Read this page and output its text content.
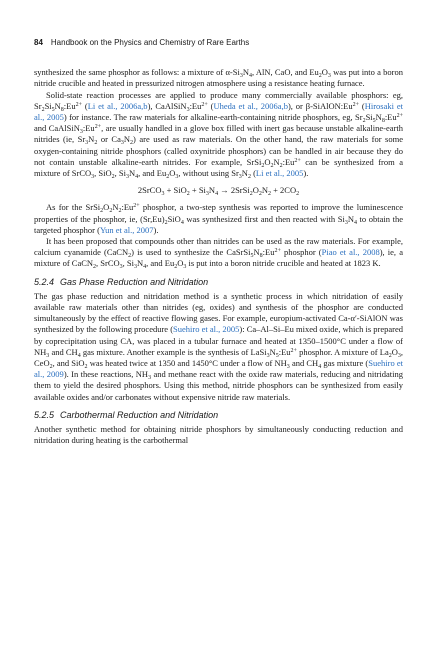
84 Handbook on the Physics and Chemistry of Rare Earths

synthesized the same phosphor as follows: a mixture of $\alpha-Si_3N_4$, AlN, CaO, and $Eu_2O_3$ was put into a boron nitride crucible and heated in pressurized nitrogen atmosphere using a resistance heating furnace.

Solid-state reaction processes are applied to produce many commercially available phosphors: eg, $Sr_2Si_5N_8:Eu^{2+}$ (Li et al., 2006a,b), $CaAlSiN_3:Eu^{2+}$ (Uheda et al., 2006a,b), or $\beta-SiAlON:Eu^{2+}$ (Hirosaki et al., 2005) for instance. The raw materials for alkaline-earth-containing nitride phosphors, eg, $Sr_2Si_5N_8:Eu^{2+}$ and $CaAlSiN_3:Eu^{2+}$, are usually handled in a glove box filled with inert gas because unstable alkaline-earth nitrides (ie, $Sr_3N_2$ or $Ca_3N_2$) are used as raw materials. On the other hand, the raw materials for some oxygen-containing nitride phosphors (called oxynitride phosphors) can be handled in air because they do not contain unstable alkaline-earth nitrides. For example, $SrSi_2O_2N_2:Eu^{2+}$ can be synthesized from a mixture of SrCO$_3$, SiO$_2$, $Si_3N_4$, and $Eu_2O_3$, without using $Sr_3N_2$ (Li et al., 2005).

2SrCO$_3$ + $SiO_2 + Si_3N_4$ → $2SrSi_2O_2N_2 + 2CO_2$

As for the $SrSi_2O_2N_2:Eu^{2+}$ phosphor, a two-step synthesis was reported to improve the luminescence properties of the phosphor, ie, $(Sr,Eu)_2SiO_4$ was synthesized first and then reacted with $Si_3N_4$ to obtain the targeted phosphor (Yun et al., 2007).

It has been proposed that compounds other than nitrides can be used as the raw materials. For example, calcium cyanamide (CaCN$_2$) is used to synthesize the $CaSrSi_5N_8:Eu^{2+}$ phosphor (Piao et al., 2008), ie, a mixture of CaCN$_2$, SrCO$_3$, $Si_3N_4$, and $Eu_2O_3$ is put into a boron nitride crucible and heated at 1823 K.

5.2.4 Gas Phase Reduction and Nitridation

The gas phase reduction and nitridation method is a synthetic process in which nitridation of easily available raw materials other than nitrides (eg, oxides) and synthesis of the phosphor are conducted simultaneously by the effect of reactive flowing gases. For example, europium-activated Ca-α′-SiAlON was synthesized by the following procedure (Suehiro et al., 2005): Ca–Al–Si–Eu mixed oxide, which is prepared by coprecipitation using CA, was placed in a tubular furnace and heated at 1350–1500°C under a flow of $NH_3$ and $CH_4$ gas mixture. Another example is the synthesis of $LaSi_3N_5:Eu^{2+}$ phosphor. A mixture of $La_2O_3$, CeO$_2$, and SiO$_2$ was heated twice at 1350 and 1450°C under a flow of $NH_3$ and $CH_4$ gas mixture (Suehiro et al., 2009). In these reactions, $NH_3$ and methane react with the oxide raw materials, reducing and nitridating them to yield the desired phosphors. Using this method, nitride phosphors can be synthesized from easily available oxides and/or carbonates without expensive nitride raw materials.

5.2.5 Carbothermal Reduction and Nitridation

Another synthetic method for obtaining nitride phosphors by simultaneously conducting reduction and nitridation during heating is the carbothermal
